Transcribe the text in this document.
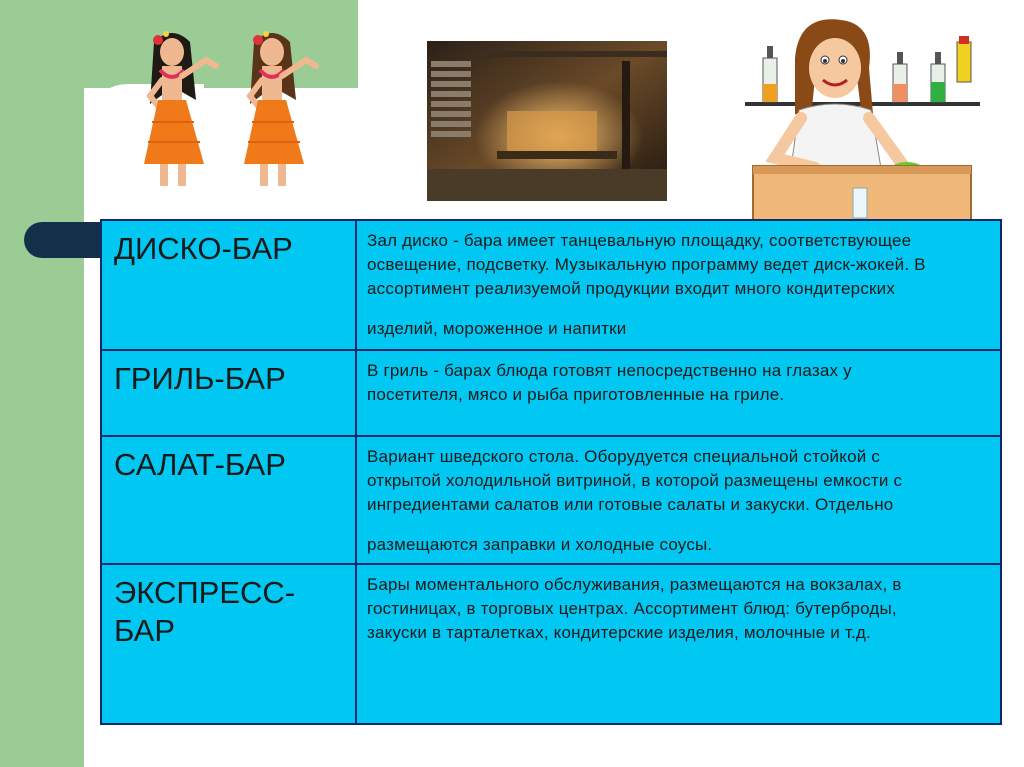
ДИСКО-БАР	Зал диско - бара имеет танцевальную площадку, соответствующее
освещение, подсветку. Музыкальную программу ведет диск-жокей. В
ассортимент реализуемой продукции входит много кондитерских
изделий, мороженное и напитки

ГРИЛЬ-БАР	В гриль - барах блюда готовят непосредственно на глазах у
посетителя, мясо и рыба приготовленные на гриле.

САЛАТ-БАР	Вариант шведского стола. Оборудуется специальной стойкой с
открытой холодильной витриной, в которой размещены емкости с
ингредиентами салатов или готовые салаты и закуски. Отдельно
размещаются заправки и холодные соусы.

ЭКСПРЕСС-
БАР	Бары моментального обслуживания, размещаются на вокзалах, в
гостиницах, в торговых центрах. Ассортимент блюд: бутерброды,
закуски в тарталетках, кондитерские изделия, молочные и т.д.
